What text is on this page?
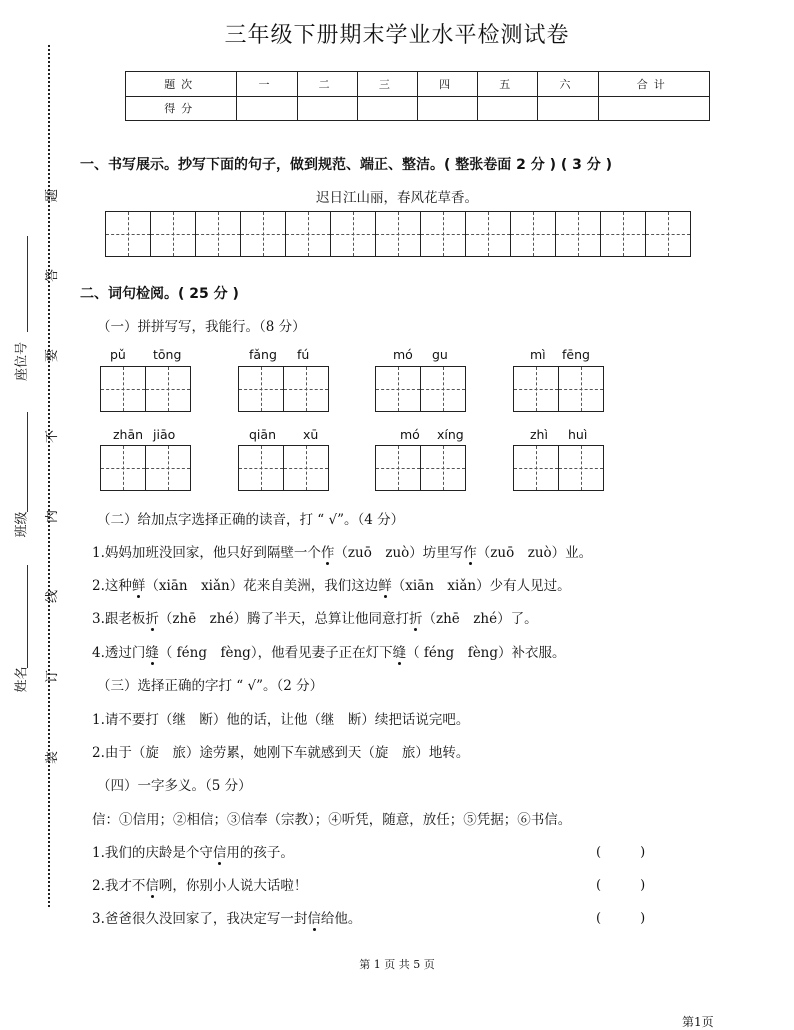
三年级下册期末学业水平检测试卷
题次	一	二	三	四	五	六	合计
得分							
题
答
要
不
内
线
订
装
座位号
班级
姓名
一、书写展示。抄写下面的句子，做到规范、端正、整洁。( 整张卷面 2 分 ) ( 3 分 )
迟日江山丽，春风花草香。
二、词句检阅。( 25 分 )
（一）拼拼写写，我能行。（8 分）
pǔ tōng	fǎng fú	mó gu	mì fēng
zhān jiāo	qiān xū	mó xíng	zhì huì
（二）给加点字选择正确的读音，打 “ √”。（4 分）
1.妈妈加班没回家，他只好到隔壁一个作（zuō　zuò）坊里写作（zuō　zuò）业。
2.这种鲜（xiān　xiǎn）花来自美洲，我们这边鲜（xiān　xiǎn）少有人见过。
3.跟老板折（zhē　zhé）腾了半天，总算让他同意打折（zhē　zhé）了。
4.透过门缝（ féng　fèng），他看见妻子正在灯下缝（ féng　fèng）补衣服。
（三）选择正确的字打 “ √”。（2 分）
1.请不要打（继　断）他的话，让他（继　断）续把话说完吧。
2.由于（旋　旅）途劳累，她刚下车就感到天（旋　旅）地转。
（四）一字多义。（5 分）
信：①信用；②相信；③信奉（宗教）；④听凭，随意，放任；⑤凭据；⑥书信。
1.我们的庆龄是个守信用的孩子。	(　　　)
2.我才不信咧，你别小人说大话啦！	(　　　)
3.爸爸很久没回家了，我决定写一封信给他。	(　　　)
第 1 页 共 5 页
第1页
